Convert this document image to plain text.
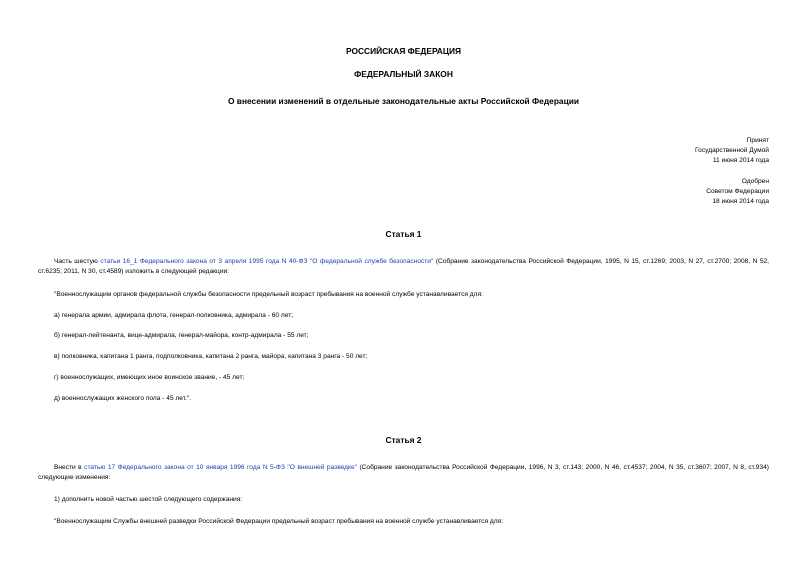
РОССИЙСКАЯ ФЕДЕРАЦИЯ
ФЕДЕРАЛЬНЫЙ ЗАКОН
О внесении изменений в отдельные законодательные акты Российской Федерации
Принят
Государственной Думой
11 июня 2014 года
Одобрен
Советом Федерации
18 июня 2014 года
Статья 1
Часть шестую статьи 16_1 Федерального закона от 3 апреля 1995 года N 40-ФЗ "О федеральной службе безопасности" (Собрание законодательства Российской Федерации, 1995, N 15, ст.1269; 2003, N 27, ст.2700; 2008, N 52, ст.6235; 2011, N 30, ст.4589) изложить в следующей редакции:
"Военнослужащим органов федеральной службы безопасности предельный возраст пребывания на военной службе устанавливается для:
а) генерала армии, адмирала флота, генерал-полковника, адмирала - 60 лет;
б) генерал-лейтенанта, вице-адмирала, генерал-майора, контр-адмирала - 55 лет;
в) полковника, капитана 1 ранга, подполковника, капитана 2 ранга, майора, капитана 3 ранга - 50 лет;
г) военнослужащих, имеющих иное воинское звание, - 45 лет;
д) военнослужащих женского пола - 45 лет.".
Статья 2
Внести в статью 17 Федерального закона от 10 января 1996 года N 5-ФЗ "О внешней разведке" (Собрание законодательства Российской Федерации, 1996, N 3, ст.143; 2000, N 46, ст.4537; 2004, N 35, ст.3607; 2007, N 8, ст.934) следующие изменения:
1) дополнить новой частью шестой следующего содержания:
"Военнослужащим Службы внешней разведки Российской Федерации предельный возраст пребывания на военной службе устанавливается для:
